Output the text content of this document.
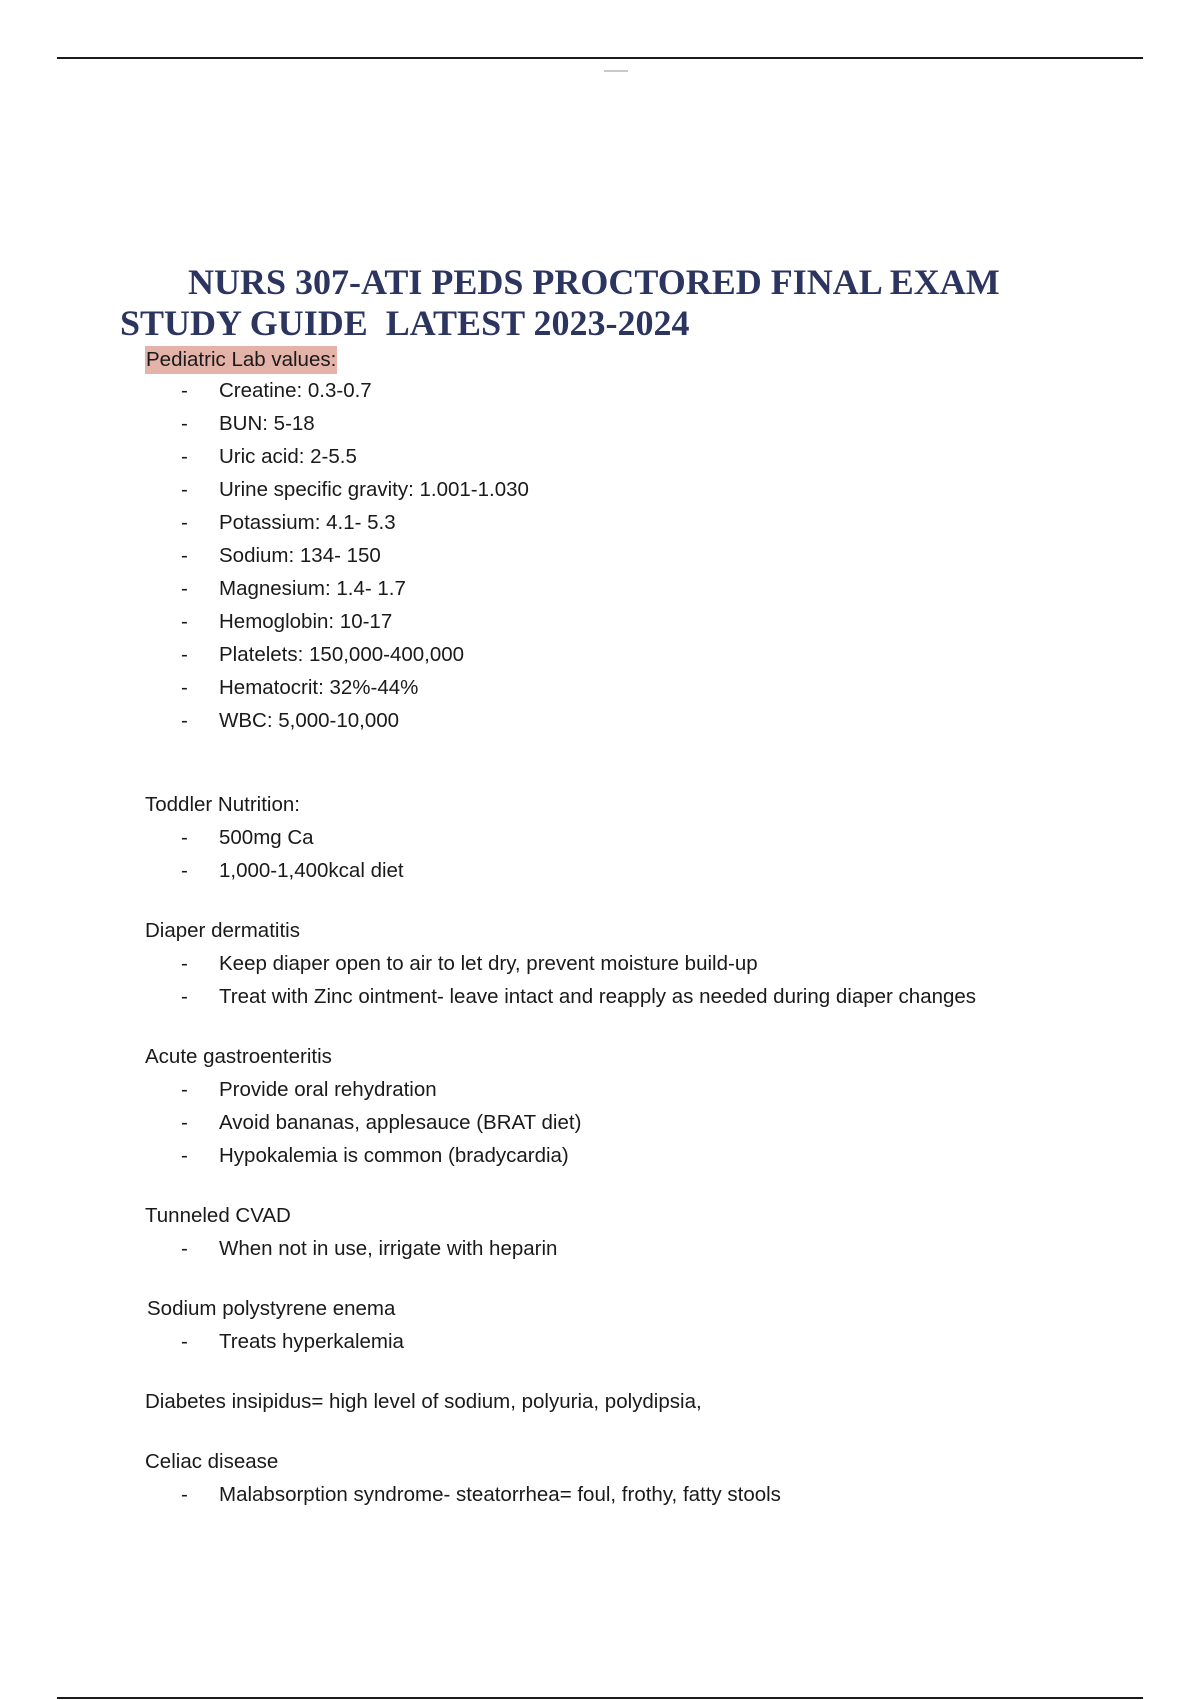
NURS 307-ATI PEDS PROCTORED FINAL EXAM
STUDY GUIDE  LATEST 2023-2024
Pediatric Lab values:
- Creatine: 0.3-0.7
- BUN: 5-18
- Uric acid: 2-5.5
- Urine specific gravity: 1.001-1.030
- Potassium: 4.1- 5.3
- Sodium: 134- 150
- Magnesium: 1.4- 1.7
- Hemoglobin: 10-17
- Platelets: 150,000-400,000
- Hematocrit: 32%-44%
- WBC: 5,000-10,000
Toddler Nutrition:
- 500mg Ca
- 1,000-1,400kcal diet
Diaper dermatitis
- Keep diaper open to air to let dry, prevent moisture build-up
- Treat with Zinc ointment- leave intact and reapply as needed during diaper changes
Acute gastroenteritis
- Provide oral rehydration
- Avoid bananas, applesauce (BRAT diet)
- Hypokalemia is common (bradycardia)
Tunneled CVAD
- When not in use, irrigate with heparin
Sodium polystyrene enema
- Treats hyperkalemia
Diabetes insipidus= high level of sodium, polyuria, polydipsia,
Celiac disease
- Malabsorption syndrome- steatorrhea= foul, frothy, fatty stools
